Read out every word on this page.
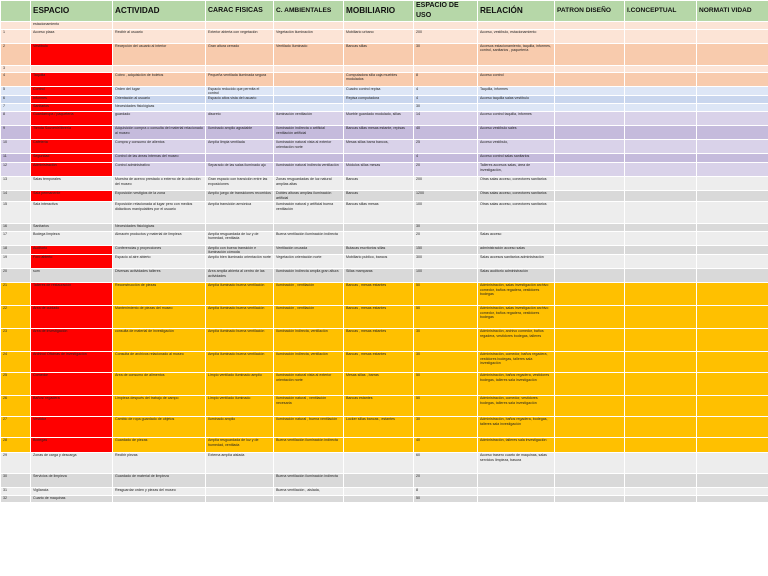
	ESPACIO	ACTIVIDAD	CARAC FISICAS	C. AMBIENTALES	MOBILIARIO	ESPACIO DE USO	RELACIÓN	PATRON DISEÑO	I.CONCEPTUAL	NORMATI VIDAD
	estacionamiento									
1	Acceso plaza	Recibir al usuario	Exterior abierta con vegetación	Vegetación iluminación	Mobiliario urbano	200	Acceso, vestíbulo, estacionamiento			
2	Vestíbulo	Recepción del usuario al interior	Gran altura cerrado	Ventilado Iluminado	Bancas sillas	30	Accesos estacionamiento, taquilla, informes, control, sanitarios , paquetería			
3										
4	Taquilla	Cobro , adquisición de boletos	Pequeña ventilada iluminada segura		Computadora silla caja muebles modulados	8	Acceso control			
5	Control	Orden del lugar	Espacio reducido que permita el control		Cuadro control repisa	4	Taquilla, informes			
6	Informes	Orientación al usuario	Espacio altos vista del usuario		Repisa computadora	4	Acceso taquilla salas vestíbulo			
7	Sanitarios	Necesidades fisiológicas				30				
8	Guardarropa / paquetería	guardado	discreto	iluminación ventilación	Mueble guardado modulado, sillas	14	Acceso control taquilla, informes			
9	Tienda Souvenir/librería	Adquisición compra o consulta del material relacionado al museo	Iluminado amplio agradable	Iluminación indirecta o artificial ventilación artificial	Bancas sillas mesas estante, repisas	40	Acceso vestíbulo sales			
10	Cafetería	Compra y consumo de alientos	Amplia limpia ventilada	Iluminación natural vista al exterior orientación norte	Mesas sillas barra bancos,	25	Acceso vestíbulo,			
11	Seguridad	Control de las áreas internas del museo				4	Acceso control salas sanitarios			
12	Administración	Control administrativo	Separado de las salas iluminado ajo	Iluminación natural indirecta ventilación	Módulos sillas mesas	20	Talleres accesos salas, área de investigación,			
13	Salas temporales	Muestra de acervo prestado o externo de la colección del museo	Gran espacio con transición entre las exposiciones	Zonas resguardadas de luz natural amplias altas	Bancas	200	Otras salas acceso, conectores sanitarios			
14	Sala permanente	Exposición vestigios de la zona	Amplio juego de transiciones recorridos	Dobles alturas amplias iluminación artificial	Bancas	1200	Otras salas acceso, conectores sanitarios			
15	Sala interactiva	Exposición relacionada al lugar pero con medios didácticos manipulables por el usuario	Amplia transición armónica	Iluminación natural y artificial buena ventilación	Bancas sillas mesas	100	Otras salas acceso, conectores sanitarios			
16	Sanitarios	Necesidades fisiológicas				30				
17	Bodega limpieza	Almacén productos y material de limpieza	Amplia resguardada de luz y de humedad, ventilada	Buena ventilación iluminación indirecta		20	Salas acceso			
18	Auditorio	Conferencias y proyecciones	Amplio con buena transición e iluminación cómoda	Ventilación cruzada	Butacas escritorios sillas	150	administración acceso salas			
19	Foro abierto	Espacio al aire abierto	Amplio bien iluminado orientación norte	Vegetación orientación norte	Mobiliario publico, bancos	300	Salas accesos sanitarios administración			
20	sum	Diversas actividades talleres	Área amplia abierta al centro de las actividades	Iluminación indirecta amplia gran altura	Sillas mamparas	100	Salas auditorio administración			
21	Talleres de restauración	Reconstrucción de piezas	Amplia iluminado buena ventilación	Iluminación , ventilación	Bancas , mesas estantes	50	Administración, salas investigación archivo comedor, baños regadera, vestidores bodegas			
22	Área de cuidado	Mantenimiento de piezas del museo	Amplia iluminado buena ventilación	Iluminación , ventilación	Bancas , mesas estantes	50	Administración, salas investigación archivo comedor, baños regadera, vestidores bodegas			
23	Área de investigación	consulta de material de investigación	Amplia iluminado buena ventilación	Iluminación indirecta, ventilación	Bancas , mesas estantes	30	Administración, archivo comedor, baños regadera, vestidores bodegas, talleres			
24	Archivo/ Oficinas de investigación	Consulta de archivos relacionado al museo	Amplia iluminado buena ventilación	Iluminación indirecta, ventilación	Bancas , mesas estantes	30	Administración, comedor, baños regadera, vestidores bodegas, talleres sala investigación			
25	Comedor	Área de consumo de alimentos	Limpio ventilado iluminado amplio	Iluminación natural vista al exterior orientación norte	Mesas sillas , barras	50	Administración, baños regadera, vestidores bodegas, talleres sala investigación			
26	Baños/ regadera	Limpieza después del trabajo de campo	Limpio ventilado iluminado	Iluminación natural , ventilación necesaria	Bancas estantes	50	Administración, comedor, vestidores bodegas, talleres sala investigación			
27	Vestidor	Cambio de ropa guardado de objetos	Iluminado amplio	Iluminación natural , buena ventilación	Locker sillas bancas , estantes	30	Administración, baños regadera, bodegas, talleres sala investigación			
28	Bodegas	Guardado de piezas	Amplia resguardada de luz y de humedad, ventilada	Buena ventilación iluminación indirecta		40	Administración, talleres sala investigación			
29	Zonas de carga y descarga	Recibir piezas	Externa amplia aislada			60	Acceso trasero cuarto de maquinas, salas servicios limpieza, basura			
30	Servicios de limpieza	Guardado de material de limpieza		Buena ventilación iluminación indirecta		20				
31	Vigilancia	Resguardar orden y piezas del museo		Buena ventilación , aislada,		8				
32	Cuarto de maquinas					50				
